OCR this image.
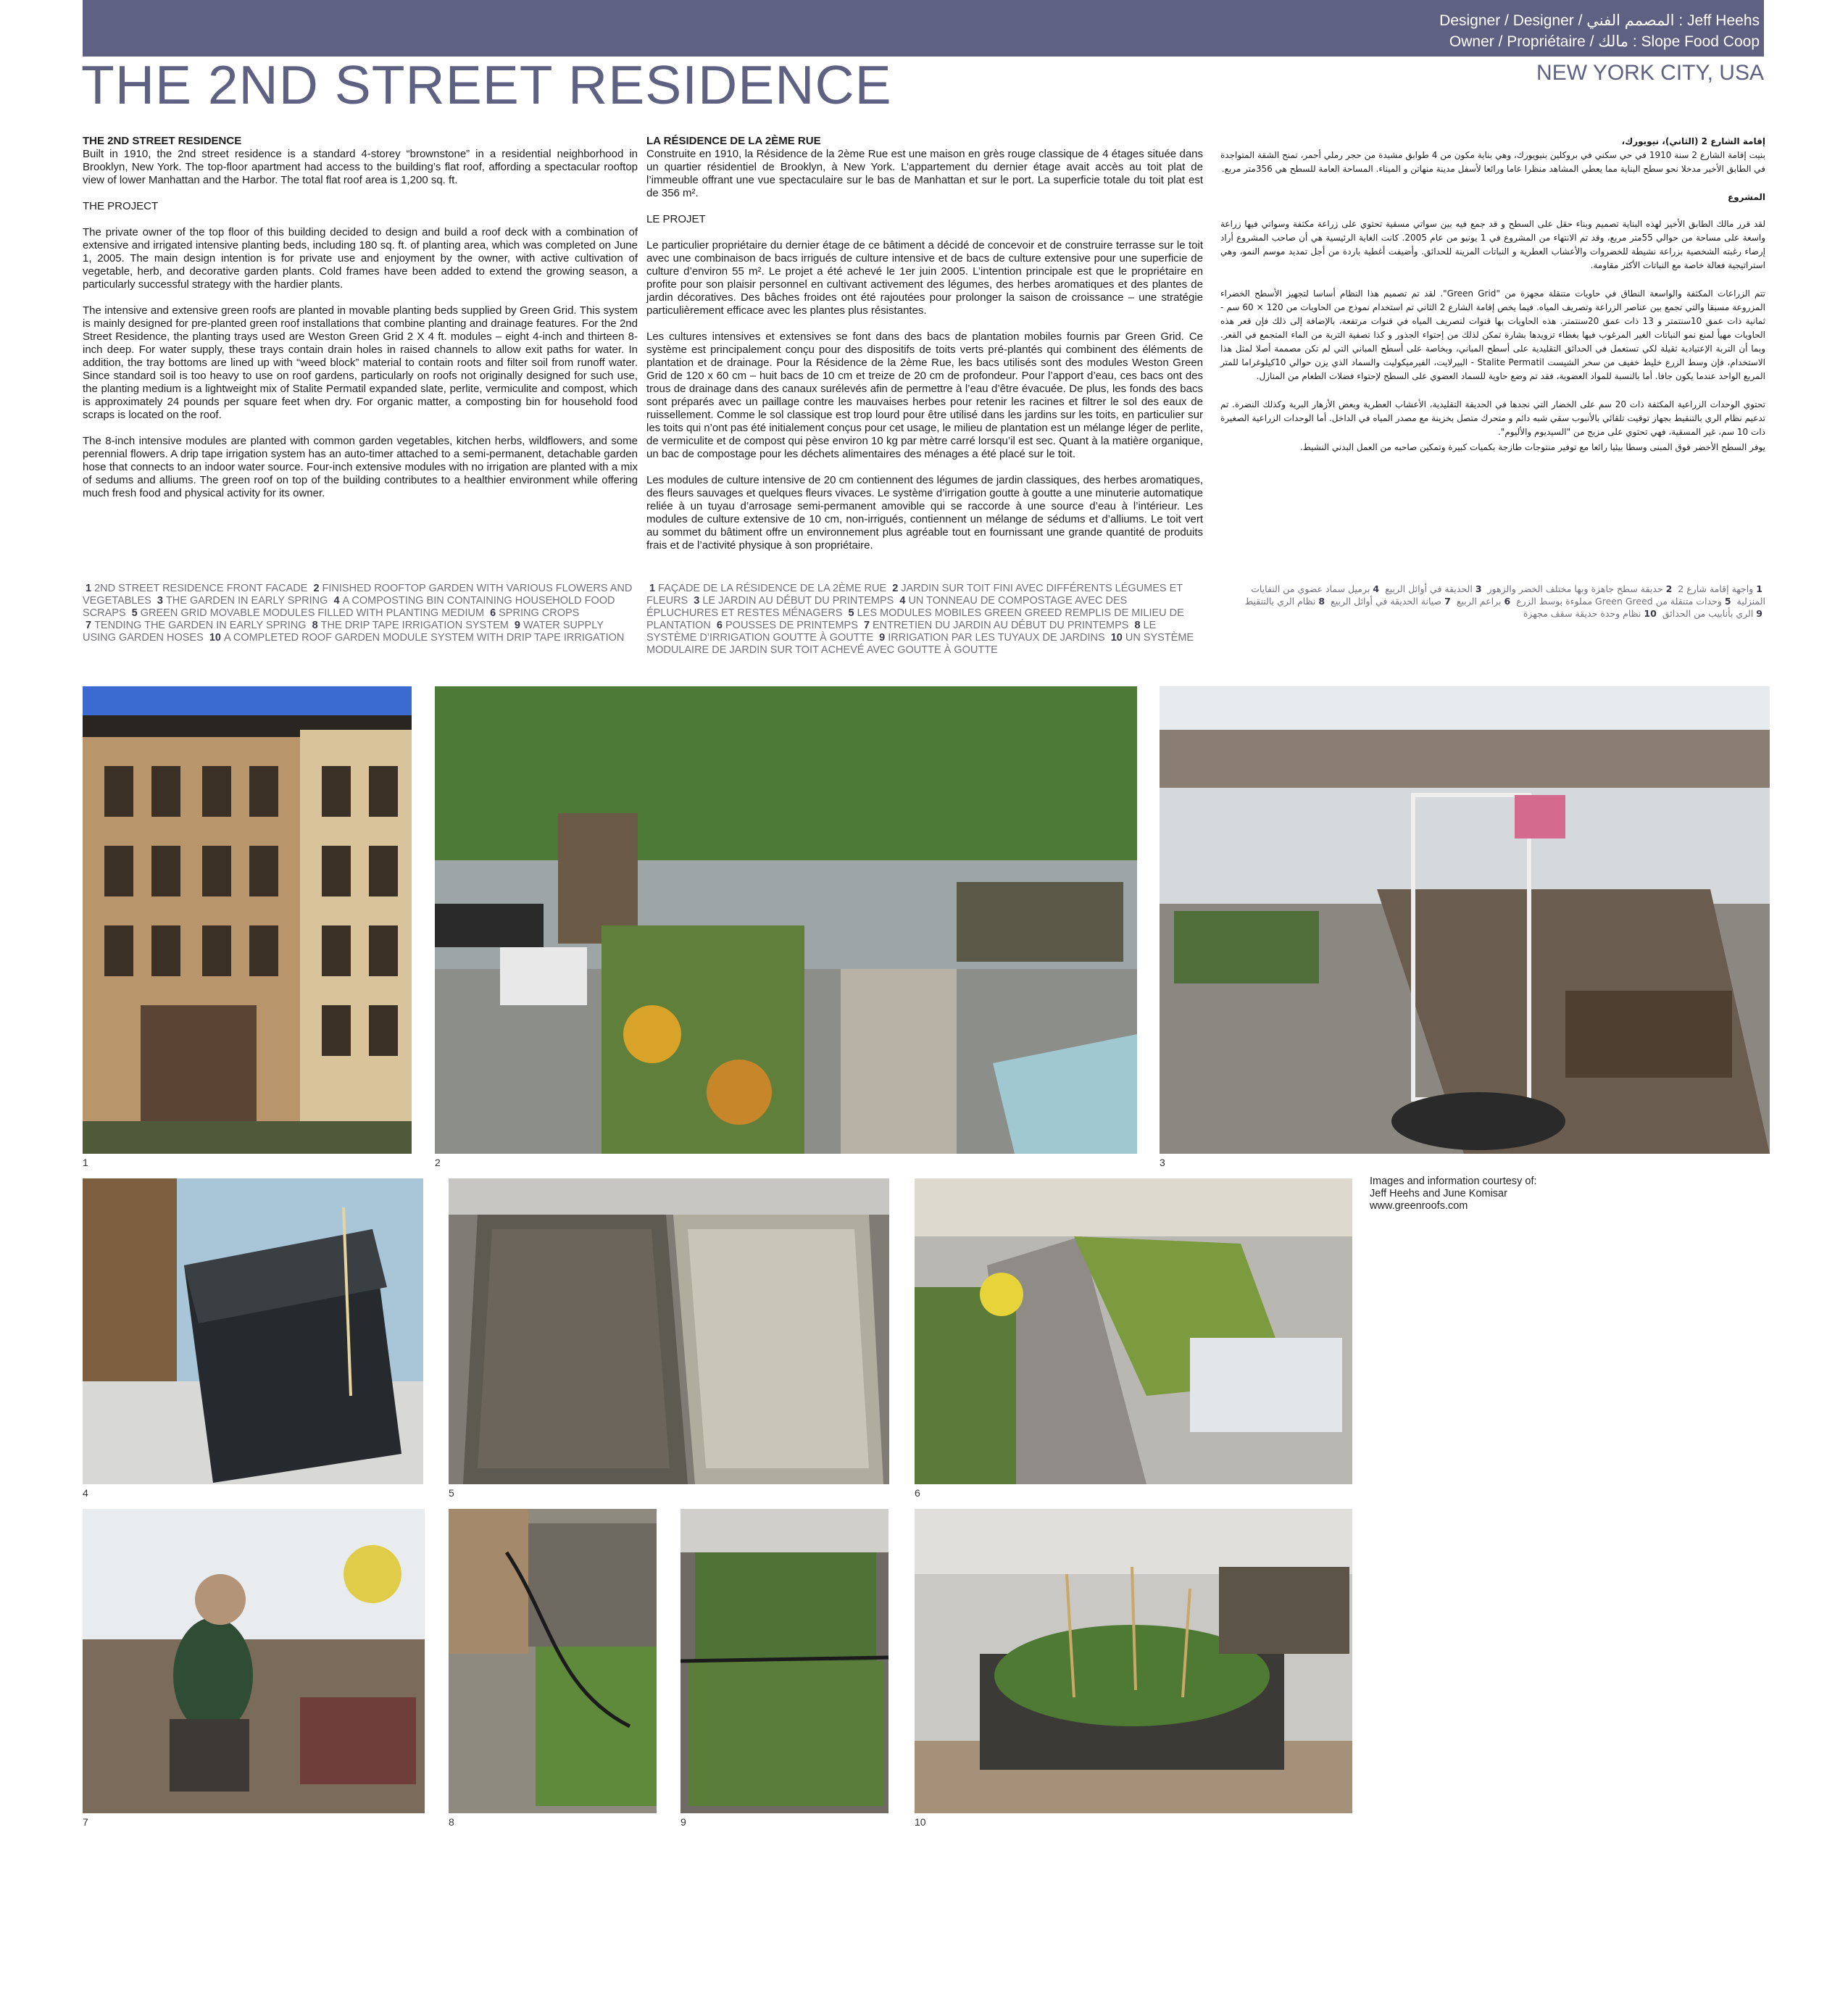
Designer / Designer / المصمم الفني : Jeff Heehs
Owner / Propriétaire / مالك : Slope Food Coop
THE 2ND STREET RESIDENCE	NEW YORK CITY, USA
THE 2ND STREET RESIDENCE

Built in 1910, the 2nd street residence is a standard 4-storey “brownstone” in a residential neighborhood in Brooklyn, New York. The top-floor apartment had access to the building’s flat roof, affording a spectacular rooftop view of lower Manhattan and the Harbor. The total flat roof area is 1,200 sq. ft.

THE PROJECT

The private owner of the top floor of this building decided to design and build a roof deck with a combination of extensive and irrigated intensive planting beds, including 180 sq. ft. of planting area, which was completed on June 1, 2005. The main design intention is for private use and enjoyment by the owner, with active cultivation of vegetable, herb, and decorative garden plants. Cold frames have been added to extend the growing season, a particularly successful strategy with the hardier plants.

The intensive and extensive green roofs are planted in movable planting beds supplied by Green Grid. This system is mainly designed for pre-planted green roof installations that combine planting and drainage features. For the 2nd Street Residence, the planting trays used are Weston Green Grid 2 X 4 ft. modules – eight 4-inch and thirteen 8-inch deep. For water supply, these trays contain drain holes in raised channels to allow exit paths for water. In addition, the tray bottoms are lined up with “weed block” material to contain roots and filter soil from runoff water. Since standard soil is too heavy to use on roof gardens, particularly on roofs not originally designed for such use, the planting medium is a lightweight mix of Stalite Permatil expanded slate, perlite, vermiculite and compost, which is approximately 24 pounds per square feet when dry. For organic matter, a composting bin for household food scraps is located on the roof.

The 8-inch intensive modules are planted with common garden vegetables, kitchen herbs, wildflowers, and some perennial flowers. A drip tape irrigation system has an auto-timer attached to a semi-permanent, detachable garden hose that connects to an indoor water source. Four-inch extensive modules with no irrigation are planted with a mix of sedums and alliums. The green roof on top of the building contributes to a healthier environment while offering much fresh food and physical activity for its owner.

LA RÉSIDENCE DE LA 2ÈME RUE

Construite en 1910, la Résidence de la 2ème Rue est une maison en grès rouge classique de 4 étages située dans un quartier résidentiel de Brooklyn, à New York. L’appartement du dernier étage avait accès au toit plat de l’immeuble offrant une vue spectaculaire sur le bas de Manhattan et sur le port. La superficie totale du toit plat est de 356 m².

LE PROJET

Le particulier propriétaire du dernier étage de ce bâtiment a décidé de concevoir et de construire terrasse sur le toit avec une combinaison de bacs irrigués de culture intensive et de bacs de culture extensive pour une superficie de culture d’environ 55 m². Le projet a été achevé le 1er juin 2005. L’intention principale est que le propriétaire en profite pour son plaisir personnel en cultivant activement des légumes, des herbes aromatiques et des plantes de jardin décoratives. Des bâches froides ont été rajoutées pour prolonger la saison de croissance – une stratégie particulièrement efficace avec les plantes plus résistantes.

Les cultures intensives et extensives se font dans des bacs de plantation mobiles fournis par Green Grid. Ce système est principalement conçu pour des dispositifs de toits verts pré-plantés qui combinent des éléments de plantation et de drainage. Pour la Résidence de la 2ème Rue, les bacs utilisés sont des modules Weston Green Grid de 120 x 60 cm – huit bacs de 10 cm et treize de 20 cm de profondeur. Pour l’apport d’eau, ces bacs ont des trous de drainage dans des canaux surélevés afin de permettre à l’eau d’être évacuée. De plus, les fonds des bacs sont préparés avec un paillage contre les mauvaises herbes pour retenir les racines et filtrer le sol des eaux de ruissellement. Comme le sol classique est trop lourd pour être utilisé dans les jardins sur les toits, en particulier sur les toits qui n’ont pas été initialement conçus pour cet usage, le milieu de plantation est un mélange léger de perlite, de vermiculite et de compost qui pèse environ 10 kg par mètre carré lorsqu’il est sec. Quant à la matière organique, un bac de compostage pour les déchets alimentaires des ménages a été placé sur le toit.

Les modules de culture intensive de 20 cm contiennent des légumes de jardin classiques, des herbes aromatiques, des fleurs sauvages et quelques fleurs vivaces. Le système d’irrigation goutte à goutte a une minuterie automatique reliée à un tuyau d’arrosage semi-permanent amovible qui se raccorde à une source d’eau à l’intérieur. Les modules de culture extensive de 10 cm, non-irrigués, contiennent un mélange de sédums et d’alliums. Le toit vert au sommet du bâtiment offre un environnement plus agréable tout en fournissant une grande quantité de produits frais et de l’activité physique à son propriétaire.

إقامة الشارع 2 (الثاني)، نيويورك،

بنيت إقامة الشارع 2 سنة 1910 في حي سكني في بروكلين بنيويورك، وهي بناية مكون من 4 طوابق مشيدة من حجر رملي أحمر، تمنح الشقة المتواجدة في الطابق الأخير مدخلا نحو سطح البناية مما يعطي المشاهد منظرا عاما ورائعا لأسفل مدينة منهاتن و الميناء. المساحة العامة للسطح هي 356متر مربع.

المشروع

لقد قرر مالك الطابق الأخير لهذه البناية تصميم وبناء حقل على السطح و قد جمع فيه بين سواتي مسقية تحتوي على زراعة مكثفة وسواتي فيها زراعة واسعة على مساحة من حوالي 55متر مربع، وقد تم الانتهاء من المشروع في 1 يونيو من عام 2005. كانت الغاية الرئيسية هي أن صاحب المشروع أراد إرضاء رغبته الشخصية بزراعة نشيطة للخضروات والأعشاب العطرية و النباتات المزينة للحدائق. وأضيفت أغطية باردة من أجل تمديد موسم النمو، وهي استراتيجية فعالة خاصة مع النباتات الأكثر مقاومة.

تتم الزراعات المكثفة والواسعة النطاق في حاويات متنقلة مجهزة من "Green Grid". لقد تم تصميم هذا النظام أساسا لتجهيز الأسطح الخضراء المزروعة مسبقا والتي تجمع بين عناصر الزراعة وتصريف المياه. فيما يخص إقامة الشارع 2 الثاني تم استخدام نموذج من الحاويات من 120 × 60 سم - ثمانية ذات عمق 10سنتمتر و 13 ذات عمق 20سنتمتر. هذه الحاويات بها قنوات لتصريف المياه في قنوات مرتفعة، بالإضافة إلى ذلك فإن قعر هذه الحاويات مهيأ لمنع نمو النباتات الغير المرغوب فيها بغطاء تزويدها بشارة تمكن لذلك من إحتواء الجذور و كذا تصفية التربة من الماء المتجمع في القعر. وبما أن التربة الإعتيادية ثقيلة لكي تستعمل في الحدائق التقليدية على أسطح المباني، وبخاصة على أسطح المباني التي لم تكن مصممة أصلا لمثل هذا الاستخدام، فإن وسط الزرع خليط خفيف من سخر الشيست Stalite Permatil - البيرلايت، الفيرميكوليت والسماد الذي يزن حوالي 10كيلوغراما للمتر المربع الواحد عندما يكون جافا. أما بالنسبة للمواد العضوية، فقد تم وضع حاوية للسماد العضوي على السطح لإحتواء فضلات الطعام من المنازل.

تحتوي الوحدات الزراعية المكثفة ذات 20 سم على الخضار التي نجدها في الحديقة التقليدية، الأعشاب العطرية وبعض الأزهار البرية وكذلك النضرة. تم تدعيم نظام الري بالتنقيط بجهاز توقيت تلقائي بالأنبوب سقي شبه دائم و متحرك متصل بخزينة مع مصدر المياه في الداخل. أما الوحدات الزراعية الصغيرة ذات 10 سم، غير المسقية، فهي تحتوي على مزيج من "السيديوم والأليوم".

يوفر السطح الأخضر فوق المبنى وسطا بيئيا رائعا مع توفير منتوجات طازجة بكميات كبيرة وتمكين صاحبه من العمل البدني النشيط.

1 2ND STREET RESIDENCE FRONT FACADE 2 FINISHED ROOFTOP GARDEN WITH VARIOUS FLOWERS AND VEGETABLES 3 THE GARDEN IN EARLY SPRING 4 A COMPOSTING BIN CONTAINING HOUSEHOLD FOOD SCRAPS 5 GREEN GRID MOVABLE MODULES FILLED WITH PLANTING MEDIUM 6 SPRING CROPS 7 TENDING THE GARDEN IN EARLY SPRING 8 THE DRIP TAPE IRRIGATION SYSTEM 9 WATER SUPPLY USING GARDEN HOSES 10 A COMPLETED ROOF GARDEN MODULE SYSTEM WITH DRIP TAPE IRRIGATION
1 FAÇADE DE LA RÉSIDENCE DE LA 2ÈME RUE 2 JARDIN SUR TOIT FINI AVEC DIFFÉRENTS LÉGUMES ET FLEURS 3 LE JARDIN AU DÉBUT DU PRINTEMPS 4 UN TONNEAU DE COMPOSTAGE AVEC DES ÉPLUCHURES ET RESTES MÉNAGERS 5 LES MODULES MOBILES GREEN GREED REMPLIS DE MILIEU DE PLANTATION 6 POUSSES DE PRINTEMPS 7 ENTRETIEN DU JARDIN AU DÉBUT DU PRINTEMPS 8 LE SYSTÈME D’IRRIGATION GOUTTE À GOUTTE 9 IRRIGATION PAR LES TUYAUX DE JARDINS 10 UN SYSTÈME MODULAIRE DE JARDIN SUR TOIT ACHEVÉ AVEC GOUTTE À GOUTTE
1واجهة إقامة شارع 2 2حديقة سطح جاهزة وبها مختلف الخضر والزهور 3الحديقة في أوائل الربيع 4برميل سماد عضوي من النفايات المنزلية 5وحدات متنقلة من Green Greed مملوءة بوسط الزرع 6براعم الربيع 7صيانة الحديقة في أوائل الربيع 8نظام الري بالتنقيط 9الري بأنابيب من الحدائق 10نظام وحدة حديقة سقف مجهزة
1	2	3
4	5	6
7	8	9	10
Images and information courtesy of:
Jeff Heehs and June Komisar
www.greenroofs.com
